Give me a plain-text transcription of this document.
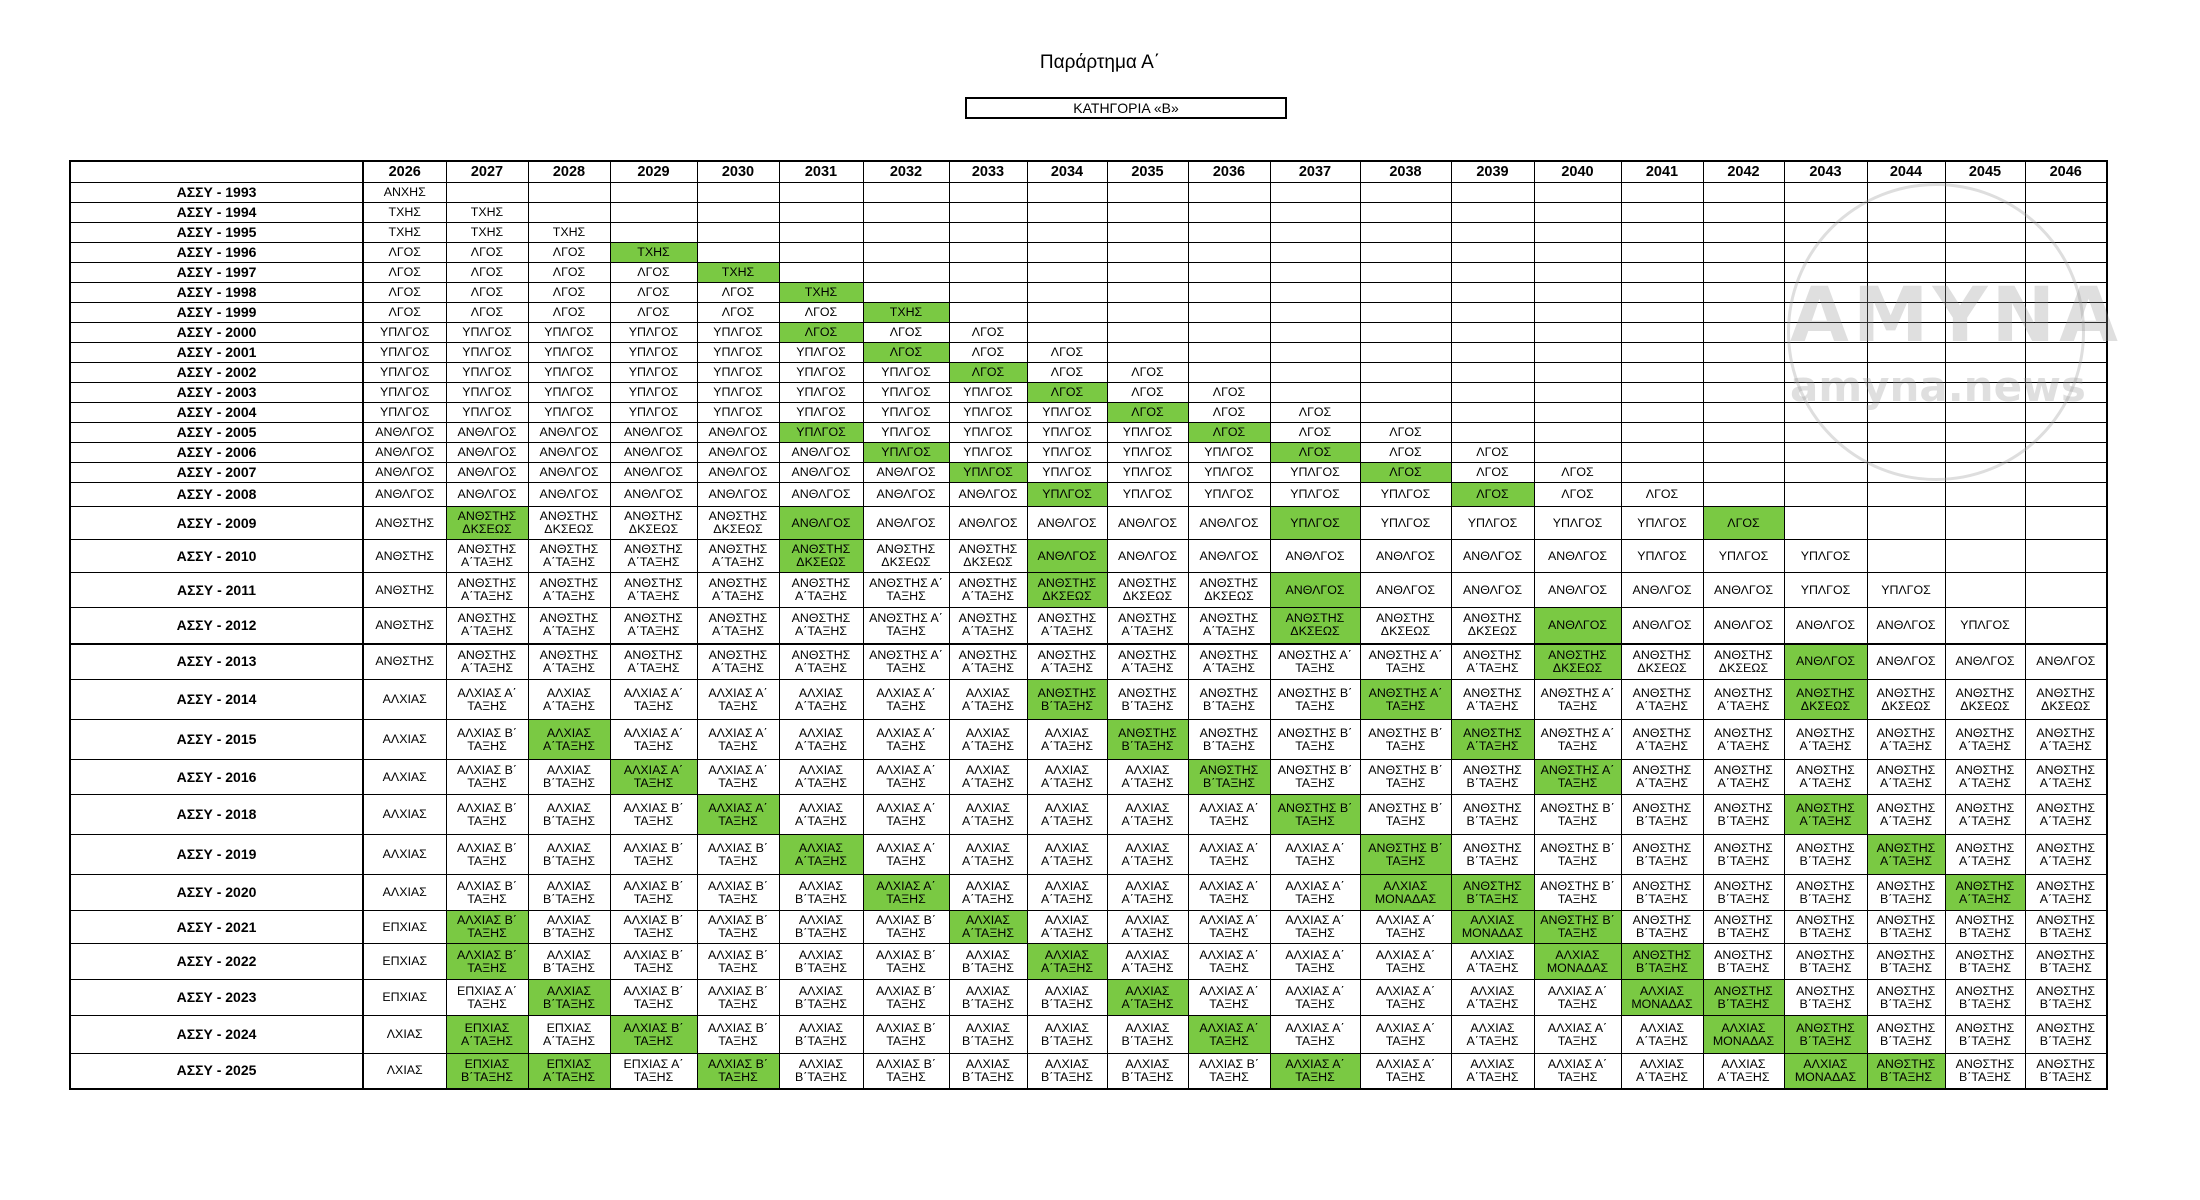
Παράρτημα Α΄
ΚΑΤΗΓΟΡΙΑ «Β»
	2026	2027	2028	2029	2030	2031	2032	2033	2034	2035	2036	2037	2038	2039	2040	2041	2042	2043	2044	2045	2046
ΑΣΣΥ - 1993	ΑΝΧΗΣ																				
ΑΣΣΥ - 1994	ΤΧΗΣ	ΤΧΗΣ																			
ΑΣΣΥ - 1995	ΤΧΗΣ	ΤΧΗΣ	ΤΧΗΣ																		
ΑΣΣΥ - 1996	ΛΓΟΣ	ΛΓΟΣ	ΛΓΟΣ	ΤΧΗΣ																	
ΑΣΣΥ - 1997	ΛΓΟΣ	ΛΓΟΣ	ΛΓΟΣ	ΛΓΟΣ	ΤΧΗΣ																
ΑΣΣΥ - 1998	ΛΓΟΣ	ΛΓΟΣ	ΛΓΟΣ	ΛΓΟΣ	ΛΓΟΣ	ΤΧΗΣ															
ΑΣΣΥ - 1999	ΛΓΟΣ	ΛΓΟΣ	ΛΓΟΣ	ΛΓΟΣ	ΛΓΟΣ	ΛΓΟΣ	ΤΧΗΣ														
ΑΣΣΥ - 2000	ΥΠΛΓΟΣ	ΥΠΛΓΟΣ	ΥΠΛΓΟΣ	ΥΠΛΓΟΣ	ΥΠΛΓΟΣ	ΛΓΟΣ	ΛΓΟΣ	ΛΓΟΣ													
ΑΣΣΥ - 2001	ΥΠΛΓΟΣ	ΥΠΛΓΟΣ	ΥΠΛΓΟΣ	ΥΠΛΓΟΣ	ΥΠΛΓΟΣ	ΥΠΛΓΟΣ	ΛΓΟΣ	ΛΓΟΣ	ΛΓΟΣ												
ΑΣΣΥ - 2002	ΥΠΛΓΟΣ	ΥΠΛΓΟΣ	ΥΠΛΓΟΣ	ΥΠΛΓΟΣ	ΥΠΛΓΟΣ	ΥΠΛΓΟΣ	ΥΠΛΓΟΣ	ΛΓΟΣ	ΛΓΟΣ	ΛΓΟΣ											
ΑΣΣΥ - 2003	ΥΠΛΓΟΣ	ΥΠΛΓΟΣ	ΥΠΛΓΟΣ	ΥΠΛΓΟΣ	ΥΠΛΓΟΣ	ΥΠΛΓΟΣ	ΥΠΛΓΟΣ	ΥΠΛΓΟΣ	ΛΓΟΣ	ΛΓΟΣ	ΛΓΟΣ										
ΑΣΣΥ - 2004	ΥΠΛΓΟΣ	ΥΠΛΓΟΣ	ΥΠΛΓΟΣ	ΥΠΛΓΟΣ	ΥΠΛΓΟΣ	ΥΠΛΓΟΣ	ΥΠΛΓΟΣ	ΥΠΛΓΟΣ	ΥΠΛΓΟΣ	ΛΓΟΣ	ΛΓΟΣ	ΛΓΟΣ									
ΑΣΣΥ - 2005	ΑΝΘΛΓΟΣ	ΑΝΘΛΓΟΣ	ΑΝΘΛΓΟΣ	ΑΝΘΛΓΟΣ	ΑΝΘΛΓΟΣ	ΥΠΛΓΟΣ	ΥΠΛΓΟΣ	ΥΠΛΓΟΣ	ΥΠΛΓΟΣ	ΥΠΛΓΟΣ	ΛΓΟΣ	ΛΓΟΣ	ΛΓΟΣ								
ΑΣΣΥ - 2006	ΑΝΘΛΓΟΣ	ΑΝΘΛΓΟΣ	ΑΝΘΛΓΟΣ	ΑΝΘΛΓΟΣ	ΑΝΘΛΓΟΣ	ΑΝΘΛΓΟΣ	ΥΠΛΓΟΣ	ΥΠΛΓΟΣ	ΥΠΛΓΟΣ	ΥΠΛΓΟΣ	ΥΠΛΓΟΣ	ΛΓΟΣ	ΛΓΟΣ	ΛΓΟΣ							
ΑΣΣΥ - 2007	ΑΝΘΛΓΟΣ	ΑΝΘΛΓΟΣ	ΑΝΘΛΓΟΣ	ΑΝΘΛΓΟΣ	ΑΝΘΛΓΟΣ	ΑΝΘΛΓΟΣ	ΑΝΘΛΓΟΣ	ΥΠΛΓΟΣ	ΥΠΛΓΟΣ	ΥΠΛΓΟΣ	ΥΠΛΓΟΣ	ΥΠΛΓΟΣ	ΛΓΟΣ	ΛΓΟΣ	ΛΓΟΣ						
ΑΣΣΥ - 2008	ΑΝΘΛΓΟΣ	ΑΝΘΛΓΟΣ	ΑΝΘΛΓΟΣ	ΑΝΘΛΓΟΣ	ΑΝΘΛΓΟΣ	ΑΝΘΛΓΟΣ	ΑΝΘΛΓΟΣ	ΑΝΘΛΓΟΣ	ΥΠΛΓΟΣ	ΥΠΛΓΟΣ	ΥΠΛΓΟΣ	ΥΠΛΓΟΣ	ΥΠΛΓΟΣ	ΛΓΟΣ	ΛΓΟΣ	ΛΓΟΣ					
ΑΣΣΥ - 2009	ΑΝΘΣΤΗΣ	ΑΝΘΣΤΗΣ ΔΚΣΕΩΣ	ΑΝΘΣΤΗΣ ΔΚΣΕΩΣ	ΑΝΘΣΤΗΣ ΔΚΣΕΩΣ	ΑΝΘΣΤΗΣ ΔΚΣΕΩΣ	ΑΝΘΛΓΟΣ	ΑΝΘΛΓΟΣ	ΑΝΘΛΓΟΣ	ΑΝΘΛΓΟΣ	ΑΝΘΛΓΟΣ	ΑΝΘΛΓΟΣ	ΥΠΛΓΟΣ	ΥΠΛΓΟΣ	ΥΠΛΓΟΣ	ΥΠΛΓΟΣ	ΥΠΛΓΟΣ	ΛΓΟΣ				
ΑΣΣΥ - 2010	ΑΝΘΣΤΗΣ	ΑΝΘΣΤΗΣ Α΄ΤΑΞΗΣ	ΑΝΘΣΤΗΣ Α΄ΤΑΞΗΣ	ΑΝΘΣΤΗΣ Α΄ΤΑΞΗΣ	ΑΝΘΣΤΗΣ Α΄ΤΑΞΗΣ	ΑΝΘΣΤΗΣ ΔΚΣΕΩΣ	ΑΝΘΣΤΗΣ ΔΚΣΕΩΣ	ΑΝΘΣΤΗΣ ΔΚΣΕΩΣ	ΑΝΘΛΓΟΣ	ΑΝΘΛΓΟΣ	ΑΝΘΛΓΟΣ	ΑΝΘΛΓΟΣ	ΑΝΘΛΓΟΣ	ΑΝΘΛΓΟΣ	ΑΝΘΛΓΟΣ	ΥΠΛΓΟΣ	ΥΠΛΓΟΣ	ΥΠΛΓΟΣ			
ΑΣΣΥ - 2011	ΑΝΘΣΤΗΣ	ΑΝΘΣΤΗΣ Α΄ΤΑΞΗΣ	ΑΝΘΣΤΗΣ Α΄ΤΑΞΗΣ	ΑΝΘΣΤΗΣ Α΄ΤΑΞΗΣ	ΑΝΘΣΤΗΣ Α΄ΤΑΞΗΣ	ΑΝΘΣΤΗΣ Α΄ΤΑΞΗΣ	ΑΝΘΣΤΗΣ Α΄ ΤΑΞΗΣ	ΑΝΘΣΤΗΣ Α΄ΤΑΞΗΣ	ΑΝΘΣΤΗΣ ΔΚΣΕΩΣ	ΑΝΘΣΤΗΣ ΔΚΣΕΩΣ	ΑΝΘΣΤΗΣ ΔΚΣΕΩΣ	ΑΝΘΛΓΟΣ	ΑΝΘΛΓΟΣ	ΑΝΘΛΓΟΣ	ΑΝΘΛΓΟΣ	ΑΝΘΛΓΟΣ	ΑΝΘΛΓΟΣ	ΥΠΛΓΟΣ	ΥΠΛΓΟΣ		
ΑΣΣΥ - 2012	ΑΝΘΣΤΗΣ	ΑΝΘΣΤΗΣ Α΄ΤΑΞΗΣ	ΑΝΘΣΤΗΣ Α΄ΤΑΞΗΣ	ΑΝΘΣΤΗΣ Α΄ΤΑΞΗΣ	ΑΝΘΣΤΗΣ Α΄ΤΑΞΗΣ	ΑΝΘΣΤΗΣ Α΄ΤΑΞΗΣ	ΑΝΘΣΤΗΣ Α΄ ΤΑΞΗΣ	ΑΝΘΣΤΗΣ Α΄ΤΑΞΗΣ	ΑΝΘΣΤΗΣ Α΄ΤΑΞΗΣ	ΑΝΘΣΤΗΣ Α΄ΤΑΞΗΣ	ΑΝΘΣΤΗΣ Α΄ΤΑΞΗΣ	ΑΝΘΣΤΗΣ ΔΚΣΕΩΣ	ΑΝΘΣΤΗΣ ΔΚΣΕΩΣ	ΑΝΘΣΤΗΣ ΔΚΣΕΩΣ	ΑΝΘΛΓΟΣ	ΑΝΘΛΓΟΣ	ΑΝΘΛΓΟΣ	ΑΝΘΛΓΟΣ	ΑΝΘΛΓΟΣ	ΥΠΛΓΟΣ	
ΑΣΣΥ - 2013	ΑΝΘΣΤΗΣ	ΑΝΘΣΤΗΣ Α΄ΤΑΞΗΣ	ΑΝΘΣΤΗΣ Α΄ΤΑΞΗΣ	ΑΝΘΣΤΗΣ Α΄ΤΑΞΗΣ	ΑΝΘΣΤΗΣ Α΄ΤΑΞΗΣ	ΑΝΘΣΤΗΣ Α΄ΤΑΞΗΣ	ΑΝΘΣΤΗΣ Α΄ ΤΑΞΗΣ	ΑΝΘΣΤΗΣ Α΄ΤΑΞΗΣ	ΑΝΘΣΤΗΣ Α΄ΤΑΞΗΣ	ΑΝΘΣΤΗΣ Α΄ΤΑΞΗΣ	ΑΝΘΣΤΗΣ Α΄ΤΑΞΗΣ	ΑΝΘΣΤΗΣ Α΄ ΤΑΞΗΣ	ΑΝΘΣΤΗΣ Α΄ ΤΑΞΗΣ	ΑΝΘΣΤΗΣ Α΄ΤΑΞΗΣ	ΑΝΘΣΤΗΣ ΔΚΣΕΩΣ	ΑΝΘΣΤΗΣ ΔΚΣΕΩΣ	ΑΝΘΣΤΗΣ ΔΚΣΕΩΣ	ΑΝΘΛΓΟΣ	ΑΝΘΛΓΟΣ	ΑΝΘΛΓΟΣ	ΑΝΘΛΓΟΣ
ΑΣΣΥ - 2014	ΑΛΧΙΑΣ	ΑΛΧΙΑΣ Α΄ ΤΑΞΗΣ	ΑΛΧΙΑΣ Α΄ΤΑΞΗΣ	ΑΛΧΙΑΣ Α΄ ΤΑΞΗΣ	ΑΛΧΙΑΣ Α΄ ΤΑΞΗΣ	ΑΛΧΙΑΣ Α΄ΤΑΞΗΣ	ΑΛΧΙΑΣ Α΄ ΤΑΞΗΣ	ΑΛΧΙΑΣ Α΄ΤΑΞΗΣ	ΑΝΘΣΤΗΣ Β΄ΤΑΞΗΣ	ΑΝΘΣΤΗΣ Β΄ΤΑΞΗΣ	ΑΝΘΣΤΗΣ Β΄ΤΑΞΗΣ	ΑΝΘΣΤΗΣ Β΄ ΤΑΞΗΣ	ΑΝΘΣΤΗΣ Α΄ ΤΑΞΗΣ	ΑΝΘΣΤΗΣ Α΄ΤΑΞΗΣ	ΑΝΘΣΤΗΣ Α΄ ΤΑΞΗΣ	ΑΝΘΣΤΗΣ Α΄ΤΑΞΗΣ	ΑΝΘΣΤΗΣ Α΄ΤΑΞΗΣ	ΑΝΘΣΤΗΣ ΔΚΣΕΩΣ	ΑΝΘΣΤΗΣ ΔΚΣΕΩΣ	ΑΝΘΣΤΗΣ ΔΚΣΕΩΣ	ΑΝΘΣΤΗΣ ΔΚΣΕΩΣ
ΑΣΣΥ - 2015	ΑΛΧΙΑΣ	ΑΛΧΙΑΣ Β΄ ΤΑΞΗΣ	ΑΛΧΙΑΣ Α΄ΤΑΞΗΣ	ΑΛΧΙΑΣ Α΄ ΤΑΞΗΣ	ΑΛΧΙΑΣ Α΄ ΤΑΞΗΣ	ΑΛΧΙΑΣ Α΄ΤΑΞΗΣ	ΑΛΧΙΑΣ Α΄ ΤΑΞΗΣ	ΑΛΧΙΑΣ Α΄ΤΑΞΗΣ	ΑΛΧΙΑΣ Α΄ΤΑΞΗΣ	ΑΝΘΣΤΗΣ Β΄ΤΑΞΗΣ	ΑΝΘΣΤΗΣ Β΄ΤΑΞΗΣ	ΑΝΘΣΤΗΣ Β΄ ΤΑΞΗΣ	ΑΝΘΣΤΗΣ Β΄ ΤΑΞΗΣ	ΑΝΘΣΤΗΣ Α΄ΤΑΞΗΣ	ΑΝΘΣΤΗΣ Α΄ ΤΑΞΗΣ	ΑΝΘΣΤΗΣ Α΄ΤΑΞΗΣ	ΑΝΘΣΤΗΣ Α΄ΤΑΞΗΣ	ΑΝΘΣΤΗΣ Α΄ΤΑΞΗΣ	ΑΝΘΣΤΗΣ Α΄ΤΑΞΗΣ	ΑΝΘΣΤΗΣ Α΄ΤΑΞΗΣ	ΑΝΘΣΤΗΣ Α΄ΤΑΞΗΣ
ΑΣΣΥ - 2016	ΑΛΧΙΑΣ	ΑΛΧΙΑΣ Β΄ ΤΑΞΗΣ	ΑΛΧΙΑΣ Β΄ΤΑΞΗΣ	ΑΛΧΙΑΣ Α΄ ΤΑΞΗΣ	ΑΛΧΙΑΣ Α΄ ΤΑΞΗΣ	ΑΛΧΙΑΣ Α΄ΤΑΞΗΣ	ΑΛΧΙΑΣ Α΄ ΤΑΞΗΣ	ΑΛΧΙΑΣ Α΄ΤΑΞΗΣ	ΑΛΧΙΑΣ Α΄ΤΑΞΗΣ	ΑΛΧΙΑΣ Α΄ΤΑΞΗΣ	ΑΝΘΣΤΗΣ Β΄ΤΑΞΗΣ	ΑΝΘΣΤΗΣ Β΄ ΤΑΞΗΣ	ΑΝΘΣΤΗΣ Β΄ ΤΑΞΗΣ	ΑΝΘΣΤΗΣ Β΄ΤΑΞΗΣ	ΑΝΘΣΤΗΣ Α΄ ΤΑΞΗΣ	ΑΝΘΣΤΗΣ Α΄ΤΑΞΗΣ	ΑΝΘΣΤΗΣ Α΄ΤΑΞΗΣ	ΑΝΘΣΤΗΣ Α΄ΤΑΞΗΣ	ΑΝΘΣΤΗΣ Α΄ΤΑΞΗΣ	ΑΝΘΣΤΗΣ Α΄ΤΑΞΗΣ	ΑΝΘΣΤΗΣ Α΄ΤΑΞΗΣ
ΑΣΣΥ - 2018	ΑΛΧΙΑΣ	ΑΛΧΙΑΣ Β΄ ΤΑΞΗΣ	ΑΛΧΙΑΣ Β΄ΤΑΞΗΣ	ΑΛΧΙΑΣ Β΄ ΤΑΞΗΣ	ΑΛΧΙΑΣ Α΄ ΤΑΞΗΣ	ΑΛΧΙΑΣ Α΄ΤΑΞΗΣ	ΑΛΧΙΑΣ Α΄ ΤΑΞΗΣ	ΑΛΧΙΑΣ Α΄ΤΑΞΗΣ	ΑΛΧΙΑΣ Α΄ΤΑΞΗΣ	ΑΛΧΙΑΣ Α΄ΤΑΞΗΣ	ΑΛΧΙΑΣ Α΄ ΤΑΞΗΣ	ΑΝΘΣΤΗΣ Β΄ ΤΑΞΗΣ	ΑΝΘΣΤΗΣ Β΄ ΤΑΞΗΣ	ΑΝΘΣΤΗΣ Β΄ΤΑΞΗΣ	ΑΝΘΣΤΗΣ Β΄ ΤΑΞΗΣ	ΑΝΘΣΤΗΣ Β΄ΤΑΞΗΣ	ΑΝΘΣΤΗΣ Β΄ΤΑΞΗΣ	ΑΝΘΣΤΗΣ Α΄ΤΑΞΗΣ	ΑΝΘΣΤΗΣ Α΄ΤΑΞΗΣ	ΑΝΘΣΤΗΣ Α΄ΤΑΞΗΣ	ΑΝΘΣΤΗΣ Α΄ΤΑΞΗΣ
ΑΣΣΥ - 2019	ΑΛΧΙΑΣ	ΑΛΧΙΑΣ Β΄ ΤΑΞΗΣ	ΑΛΧΙΑΣ Β΄ΤΑΞΗΣ	ΑΛΧΙΑΣ Β΄ ΤΑΞΗΣ	ΑΛΧΙΑΣ Β΄ ΤΑΞΗΣ	ΑΛΧΙΑΣ Α΄ΤΑΞΗΣ	ΑΛΧΙΑΣ Α΄ ΤΑΞΗΣ	ΑΛΧΙΑΣ Α΄ΤΑΞΗΣ	ΑΛΧΙΑΣ Α΄ΤΑΞΗΣ	ΑΛΧΙΑΣ Α΄ΤΑΞΗΣ	ΑΛΧΙΑΣ Α΄ ΤΑΞΗΣ	ΑΛΧΙΑΣ Α΄ ΤΑΞΗΣ	ΑΝΘΣΤΗΣ Β΄ ΤΑΞΗΣ	ΑΝΘΣΤΗΣ Β΄ΤΑΞΗΣ	ΑΝΘΣΤΗΣ Β΄ ΤΑΞΗΣ	ΑΝΘΣΤΗΣ Β΄ΤΑΞΗΣ	ΑΝΘΣΤΗΣ Β΄ΤΑΞΗΣ	ΑΝΘΣΤΗΣ Β΄ΤΑΞΗΣ	ΑΝΘΣΤΗΣ Α΄ΤΑΞΗΣ	ΑΝΘΣΤΗΣ Α΄ΤΑΞΗΣ	ΑΝΘΣΤΗΣ Α΄ΤΑΞΗΣ
ΑΣΣΥ - 2020	ΑΛΧΙΑΣ	ΑΛΧΙΑΣ Β΄ ΤΑΞΗΣ	ΑΛΧΙΑΣ Β΄ΤΑΞΗΣ	ΑΛΧΙΑΣ Β΄ ΤΑΞΗΣ	ΑΛΧΙΑΣ Β΄ ΤΑΞΗΣ	ΑΛΧΙΑΣ Β΄ΤΑΞΗΣ	ΑΛΧΙΑΣ Α΄ ΤΑΞΗΣ	ΑΛΧΙΑΣ Α΄ΤΑΞΗΣ	ΑΛΧΙΑΣ Α΄ΤΑΞΗΣ	ΑΛΧΙΑΣ Α΄ΤΑΞΗΣ	ΑΛΧΙΑΣ Α΄ ΤΑΞΗΣ	ΑΛΧΙΑΣ Α΄ ΤΑΞΗΣ	ΑΛΧΙΑΣ ΜΟΝΑΔΑΣ	ΑΝΘΣΤΗΣ Β΄ΤΑΞΗΣ	ΑΝΘΣΤΗΣ Β΄ ΤΑΞΗΣ	ΑΝΘΣΤΗΣ Β΄ΤΑΞΗΣ	ΑΝΘΣΤΗΣ Β΄ΤΑΞΗΣ	ΑΝΘΣΤΗΣ Β΄ΤΑΞΗΣ	ΑΝΘΣΤΗΣ Β΄ΤΑΞΗΣ	ΑΝΘΣΤΗΣ Α΄ΤΑΞΗΣ	ΑΝΘΣΤΗΣ Α΄ΤΑΞΗΣ
ΑΣΣΥ - 2021	ΕΠΧΙΑΣ	ΑΛΧΙΑΣ Β΄ ΤΑΞΗΣ	ΑΛΧΙΑΣ Β΄ΤΑΞΗΣ	ΑΛΧΙΑΣ Β΄ ΤΑΞΗΣ	ΑΛΧΙΑΣ Β΄ ΤΑΞΗΣ	ΑΛΧΙΑΣ Β΄ΤΑΞΗΣ	ΑΛΧΙΑΣ Β΄ ΤΑΞΗΣ	ΑΛΧΙΑΣ Α΄ΤΑΞΗΣ	ΑΛΧΙΑΣ Α΄ΤΑΞΗΣ	ΑΛΧΙΑΣ Α΄ΤΑΞΗΣ	ΑΛΧΙΑΣ Α΄ ΤΑΞΗΣ	ΑΛΧΙΑΣ Α΄ ΤΑΞΗΣ	ΑΛΧΙΑΣ Α΄ ΤΑΞΗΣ	ΑΛΧΙΑΣ ΜΟΝΑΔΑΣ	ΑΝΘΣΤΗΣ Β΄ ΤΑΞΗΣ	ΑΝΘΣΤΗΣ Β΄ΤΑΞΗΣ	ΑΝΘΣΤΗΣ Β΄ΤΑΞΗΣ	ΑΝΘΣΤΗΣ Β΄ΤΑΞΗΣ	ΑΝΘΣΤΗΣ Β΄ΤΑΞΗΣ	ΑΝΘΣΤΗΣ Β΄ΤΑΞΗΣ	ΑΝΘΣΤΗΣ Β΄ΤΑΞΗΣ
ΑΣΣΥ - 2022	ΕΠΧΙΑΣ	ΑΛΧΙΑΣ Β΄ ΤΑΞΗΣ	ΑΛΧΙΑΣ Β΄ΤΑΞΗΣ	ΑΛΧΙΑΣ Β΄ ΤΑΞΗΣ	ΑΛΧΙΑΣ Β΄ ΤΑΞΗΣ	ΑΛΧΙΑΣ Β΄ΤΑΞΗΣ	ΑΛΧΙΑΣ Β΄ ΤΑΞΗΣ	ΑΛΧΙΑΣ Β΄ΤΑΞΗΣ	ΑΛΧΙΑΣ Α΄ΤΑΞΗΣ	ΑΛΧΙΑΣ Α΄ΤΑΞΗΣ	ΑΛΧΙΑΣ Α΄ ΤΑΞΗΣ	ΑΛΧΙΑΣ Α΄ ΤΑΞΗΣ	ΑΛΧΙΑΣ Α΄ ΤΑΞΗΣ	ΑΛΧΙΑΣ Α΄ΤΑΞΗΣ	ΑΛΧΙΑΣ ΜΟΝΑΔΑΣ	ΑΝΘΣΤΗΣ Β΄ΤΑΞΗΣ	ΑΝΘΣΤΗΣ Β΄ΤΑΞΗΣ	ΑΝΘΣΤΗΣ Β΄ΤΑΞΗΣ	ΑΝΘΣΤΗΣ Β΄ΤΑΞΗΣ	ΑΝΘΣΤΗΣ Β΄ΤΑΞΗΣ	ΑΝΘΣΤΗΣ Β΄ΤΑΞΗΣ
ΑΣΣΥ - 2023	ΕΠΧΙΑΣ	ΕΠΧΙΑΣ Α΄ ΤΑΞΗΣ	ΑΛΧΙΑΣ Β΄ΤΑΞΗΣ	ΑΛΧΙΑΣ Β΄ ΤΑΞΗΣ	ΑΛΧΙΑΣ Β΄ ΤΑΞΗΣ	ΑΛΧΙΑΣ Β΄ΤΑΞΗΣ	ΑΛΧΙΑΣ Β΄ ΤΑΞΗΣ	ΑΛΧΙΑΣ Β΄ΤΑΞΗΣ	ΑΛΧΙΑΣ Β΄ΤΑΞΗΣ	ΑΛΧΙΑΣ Α΄ΤΑΞΗΣ	ΑΛΧΙΑΣ Α΄ ΤΑΞΗΣ	ΑΛΧΙΑΣ Α΄ ΤΑΞΗΣ	ΑΛΧΙΑΣ Α΄ ΤΑΞΗΣ	ΑΛΧΙΑΣ Α΄ΤΑΞΗΣ	ΑΛΧΙΑΣ Α΄ ΤΑΞΗΣ	ΑΛΧΙΑΣ ΜΟΝΑΔΑΣ	ΑΝΘΣΤΗΣ Β΄ΤΑΞΗΣ	ΑΝΘΣΤΗΣ Β΄ΤΑΞΗΣ	ΑΝΘΣΤΗΣ Β΄ΤΑΞΗΣ	ΑΝΘΣΤΗΣ Β΄ΤΑΞΗΣ	ΑΝΘΣΤΗΣ Β΄ΤΑΞΗΣ
ΑΣΣΥ - 2024	ΛΧΙΑΣ	ΕΠΧΙΑΣ Α΄ΤΑΞΗΣ	ΕΠΧΙΑΣ Α΄ΤΑΞΗΣ	ΑΛΧΙΑΣ Β΄ ΤΑΞΗΣ	ΑΛΧΙΑΣ Β΄ ΤΑΞΗΣ	ΑΛΧΙΑΣ Β΄ΤΑΞΗΣ	ΑΛΧΙΑΣ Β΄ ΤΑΞΗΣ	ΑΛΧΙΑΣ Β΄ΤΑΞΗΣ	ΑΛΧΙΑΣ Β΄ΤΑΞΗΣ	ΑΛΧΙΑΣ Β΄ΤΑΞΗΣ	ΑΛΧΙΑΣ Α΄ ΤΑΞΗΣ	ΑΛΧΙΑΣ Α΄ ΤΑΞΗΣ	ΑΛΧΙΑΣ Α΄ ΤΑΞΗΣ	ΑΛΧΙΑΣ Α΄ΤΑΞΗΣ	ΑΛΧΙΑΣ Α΄ ΤΑΞΗΣ	ΑΛΧΙΑΣ Α΄ΤΑΞΗΣ	ΑΛΧΙΑΣ ΜΟΝΑΔΑΣ	ΑΝΘΣΤΗΣ Β΄ΤΑΞΗΣ	ΑΝΘΣΤΗΣ Β΄ΤΑΞΗΣ	ΑΝΘΣΤΗΣ Β΄ΤΑΞΗΣ	ΑΝΘΣΤΗΣ Β΄ΤΑΞΗΣ
ΑΣΣΥ - 2025	ΛΧΙΑΣ	ΕΠΧΙΑΣ Β΄ΤΑΞΗΣ	ΕΠΧΙΑΣ Α΄ΤΑΞΗΣ	ΕΠΧΙΑΣ Α΄ ΤΑΞΗΣ	ΑΛΧΙΑΣ Β΄ ΤΑΞΗΣ	ΑΛΧΙΑΣ Β΄ΤΑΞΗΣ	ΑΛΧΙΑΣ Β΄ ΤΑΞΗΣ	ΑΛΧΙΑΣ Β΄ΤΑΞΗΣ	ΑΛΧΙΑΣ Β΄ΤΑΞΗΣ	ΑΛΧΙΑΣ Β΄ΤΑΞΗΣ	ΑΛΧΙΑΣ Β΄ ΤΑΞΗΣ	ΑΛΧΙΑΣ Α΄ ΤΑΞΗΣ	ΑΛΧΙΑΣ Α΄ ΤΑΞΗΣ	ΑΛΧΙΑΣ Α΄ΤΑΞΗΣ	ΑΛΧΙΑΣ Α΄ ΤΑΞΗΣ	ΑΛΧΙΑΣ Α΄ΤΑΞΗΣ	ΑΛΧΙΑΣ Α΄ΤΑΞΗΣ	ΑΛΧΙΑΣ ΜΟΝΑΔΑΣ	ΑΝΘΣΤΗΣ Β΄ΤΑΞΗΣ	ΑΝΘΣΤΗΣ Β΄ΤΑΞΗΣ	ΑΝΘΣΤΗΣ Β΄ΤΑΞΗΣ
ΑΜΥΝΑ
amyna.news
